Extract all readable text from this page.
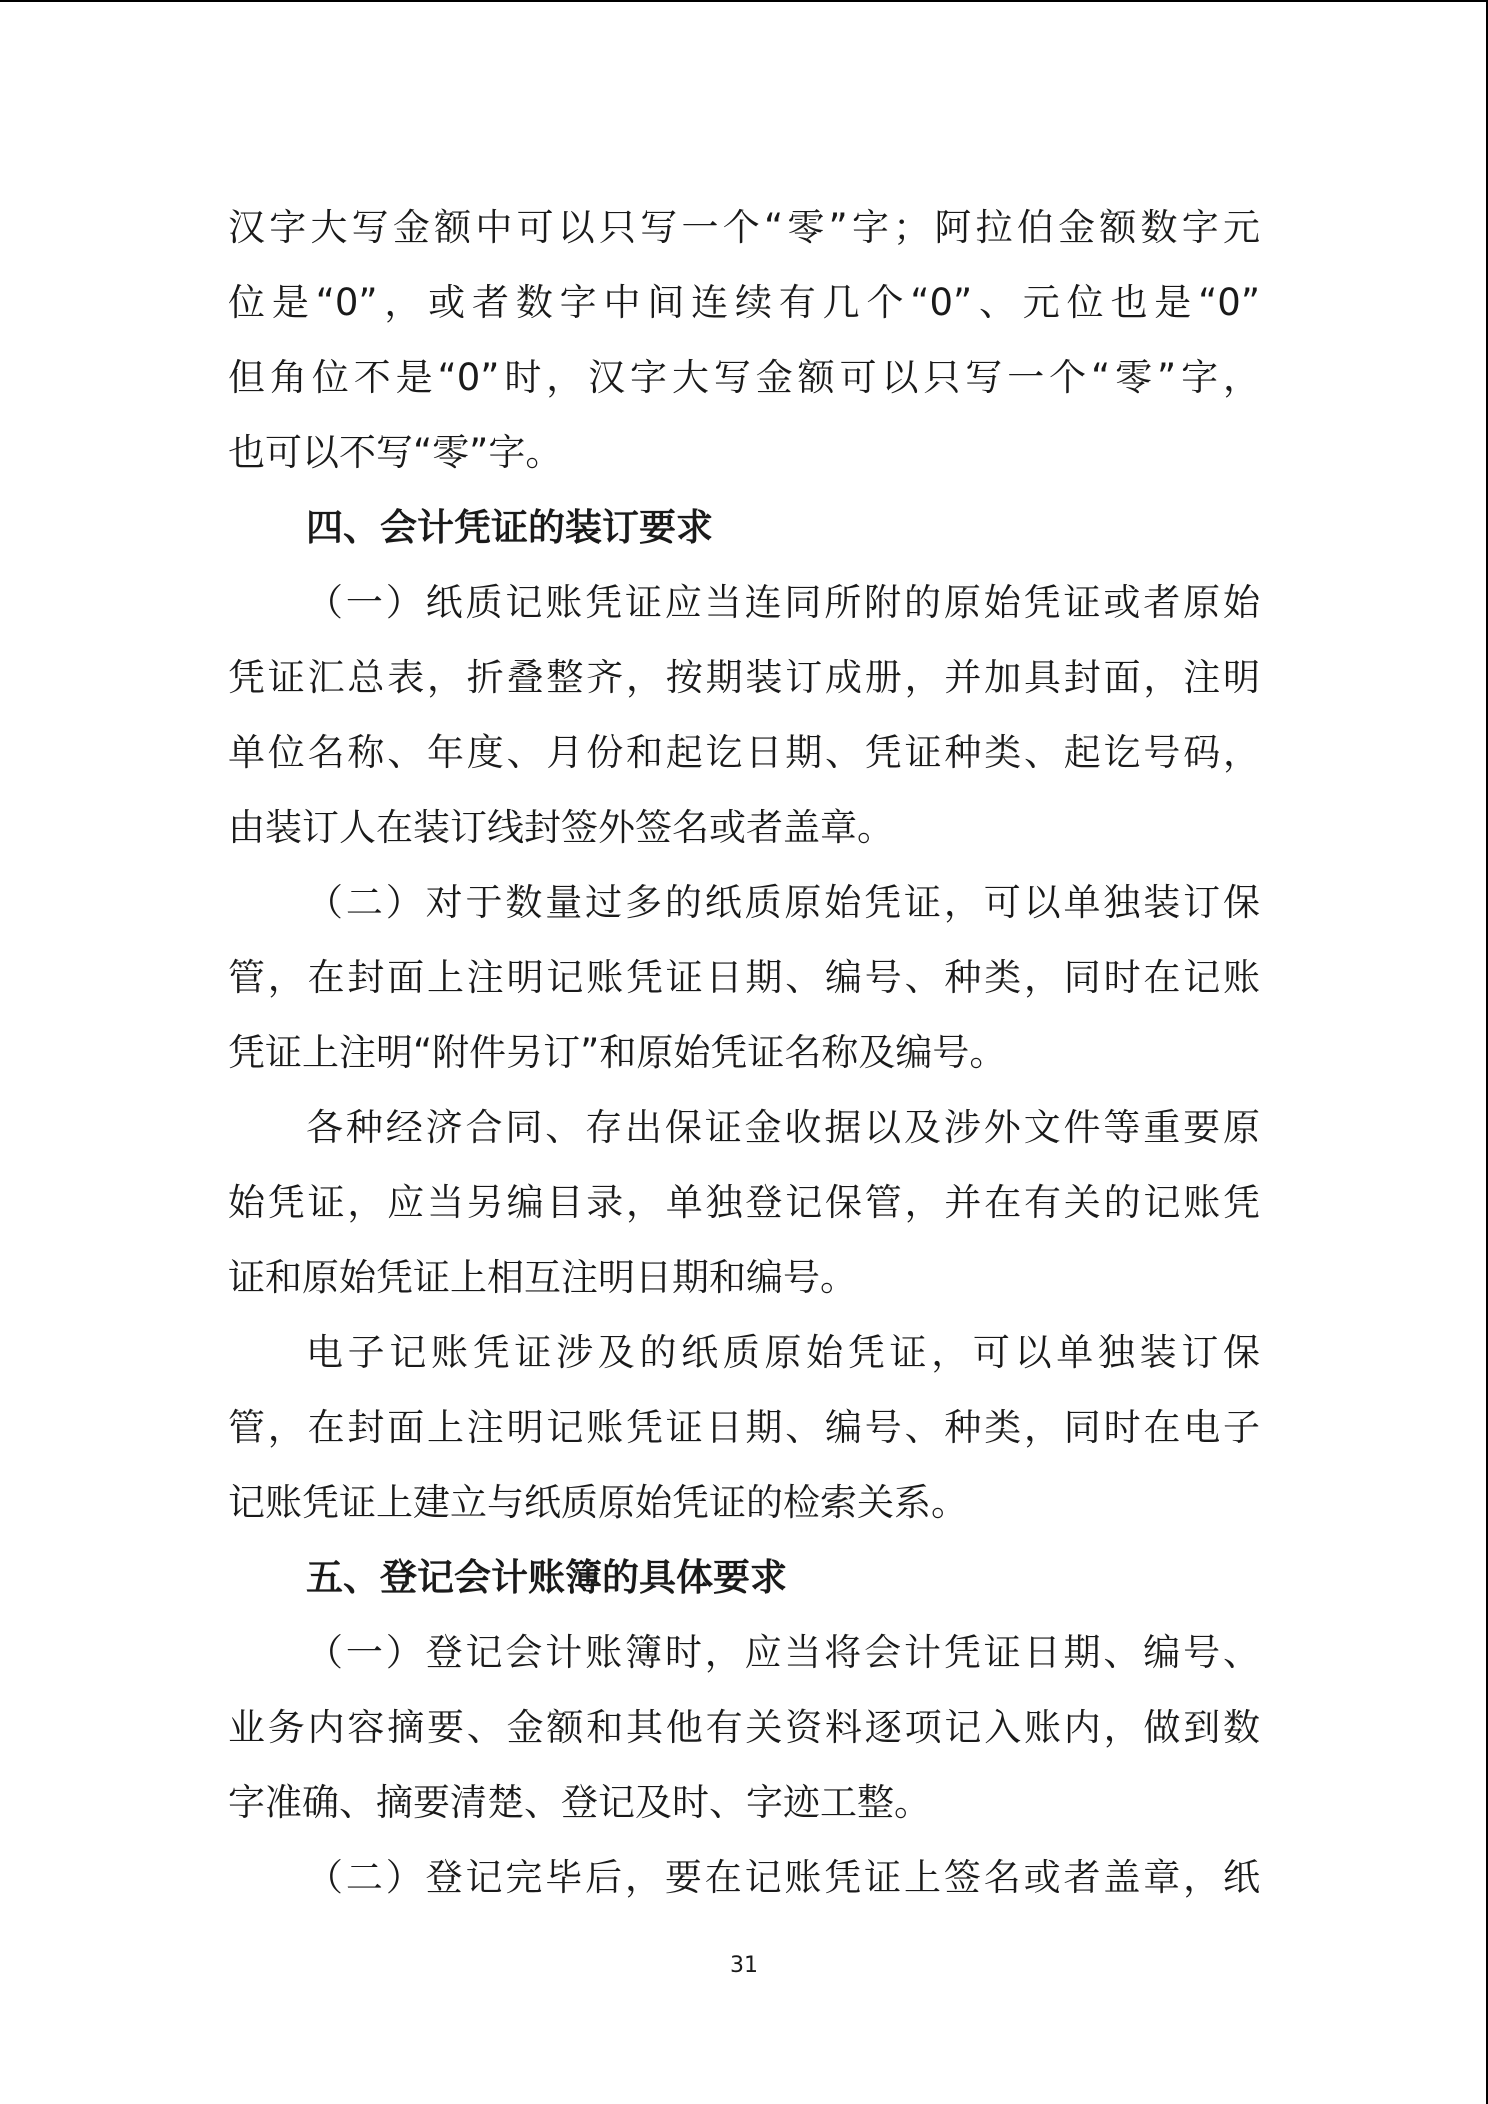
汉字大写金额中可以只写一个“零”字；阿拉伯金额数字元
位是“0”，或者数字中间连续有几个“0”、元位也是“0”
但角位不是“0”时，汉字大写金额可以只写一个“零”字，
也可以不写“零”字。
四、会计凭证的装订要求
（一）纸质记账凭证应当连同所附的原始凭证或者原始
凭证汇总表，折叠整齐，按期装订成册，并加具封面，注明
单位名称、年度、月份和起讫日期、凭证种类、起讫号码，
由装订人在装订线封签外签名或者盖章。
（二）对于数量过多的纸质原始凭证，可以单独装订保
管，在封面上注明记账凭证日期、编号、种类，同时在记账
凭证上注明“附件另订”和原始凭证名称及编号。
各种经济合同、存出保证金收据以及涉外文件等重要原
始凭证，应当另编目录，单独登记保管，并在有关的记账凭
证和原始凭证上相互注明日期和编号。
电子记账凭证涉及的纸质原始凭证，可以单独装订保
管，在封面上注明记账凭证日期、编号、种类，同时在电子
记账凭证上建立与纸质原始凭证的检索关系。
五、登记会计账簿的具体要求
（一）登记会计账簿时，应当将会计凭证日期、编号、
业务内容摘要、金额和其他有关资料逐项记入账内，做到数
字准确、摘要清楚、登记及时、字迹工整。
（二）登记完毕后，要在记账凭证上签名或者盖章，纸
31
